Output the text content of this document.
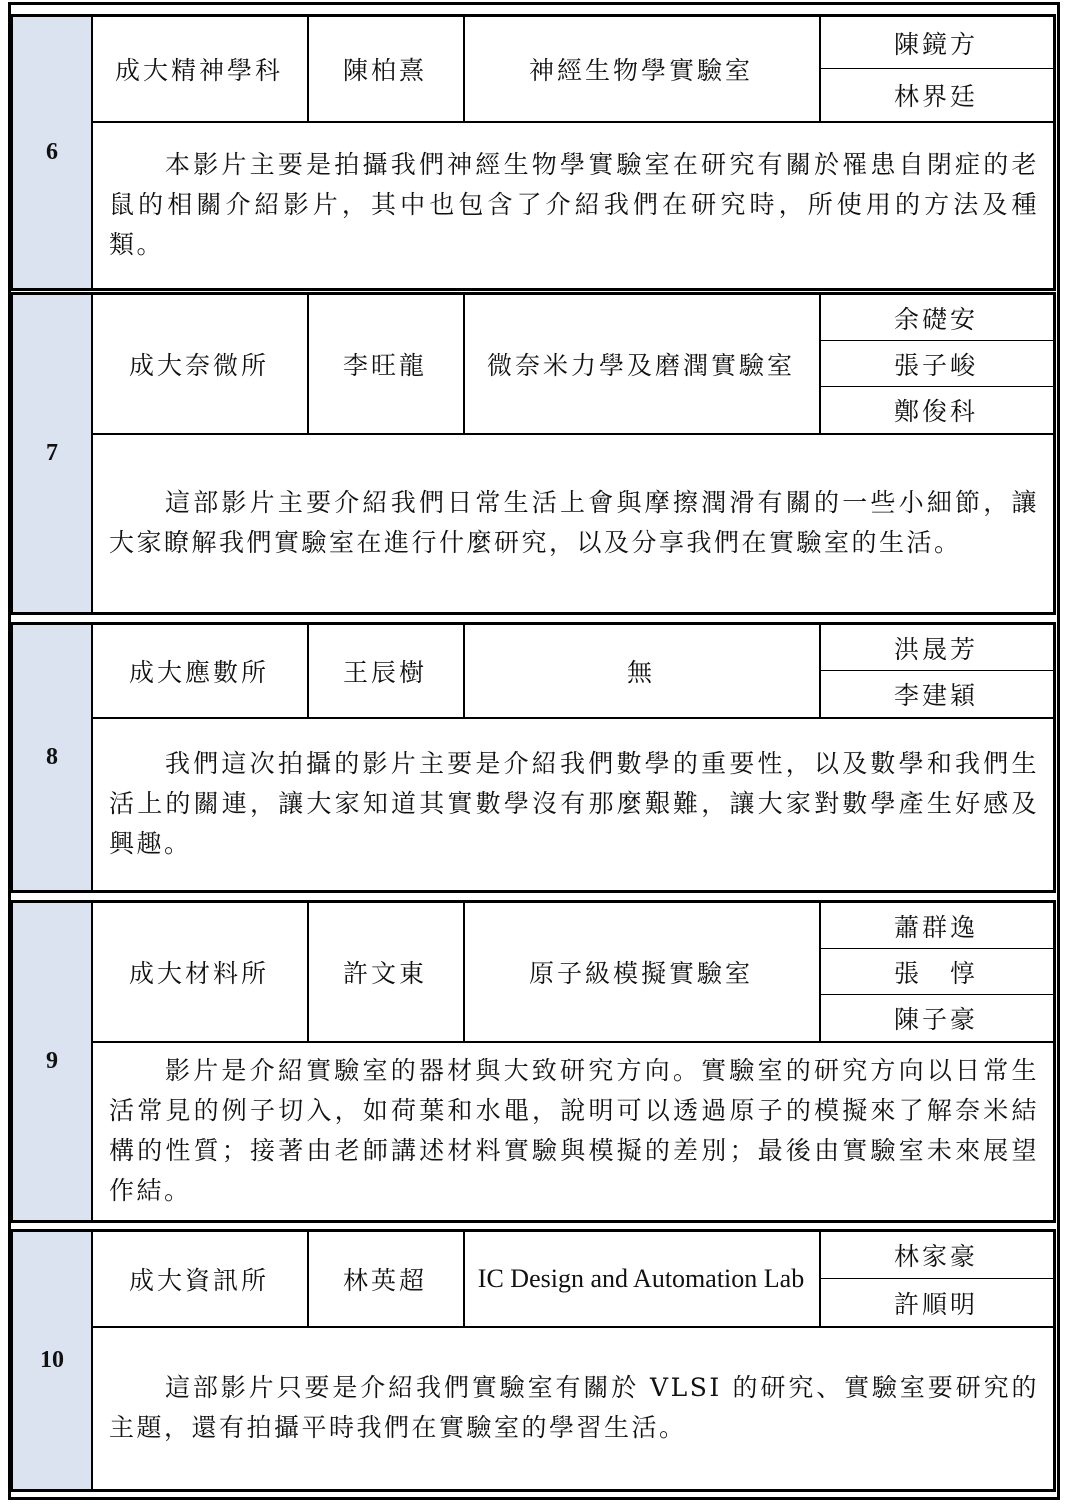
6
成大精神學科	陳柏熹	神經生物學實驗室
陳鏡方
林界廷

本影片主要是拍攝我們神經生物學實驗室在研究有關於罹患自閉症的老鼠的相關介紹影片，其中也包含了介紹我們在研究時，所使用的方法及種類。

7
成大奈微所	李旺龍	微奈米力學及磨潤實驗室
余礎安
張子峻
鄭俊科

這部影片主要介紹我們日常生活上會與摩擦潤滑有關的一些小細節，讓大家瞭解我們實驗室在進行什麼研究，以及分享我們在實驗室的生活。

8
成大應數所	王辰樹	無
洪晟芳
李建穎

我們這次拍攝的影片主要是介紹我們數學的重要性，以及數學和我們生活上的關連，讓大家知道其實數學沒有那麼艱難，讓大家對數學產生好感及興趣。

9
成大材料所	許文東	原子級模擬實驗室
蕭群逸
張　惇
陳子豪

影片是介紹實驗室的器材與大致研究方向。實驗室的研究方向以日常生活常見的例子切入，如荷葉和水黽，說明可以透過原子的模擬來了解奈米結構的性質；接著由老師講述材料實驗與模擬的差別；最後由實驗室未來展望作結。

10
成大資訊所	林英超	IC Design and Automation Lab
林家豪
許順明

這部影片只要是介紹我們實驗室有關於 VLSI 的研究、實驗室要研究的主題，還有拍攝平時我們在實驗室的學習生活。
